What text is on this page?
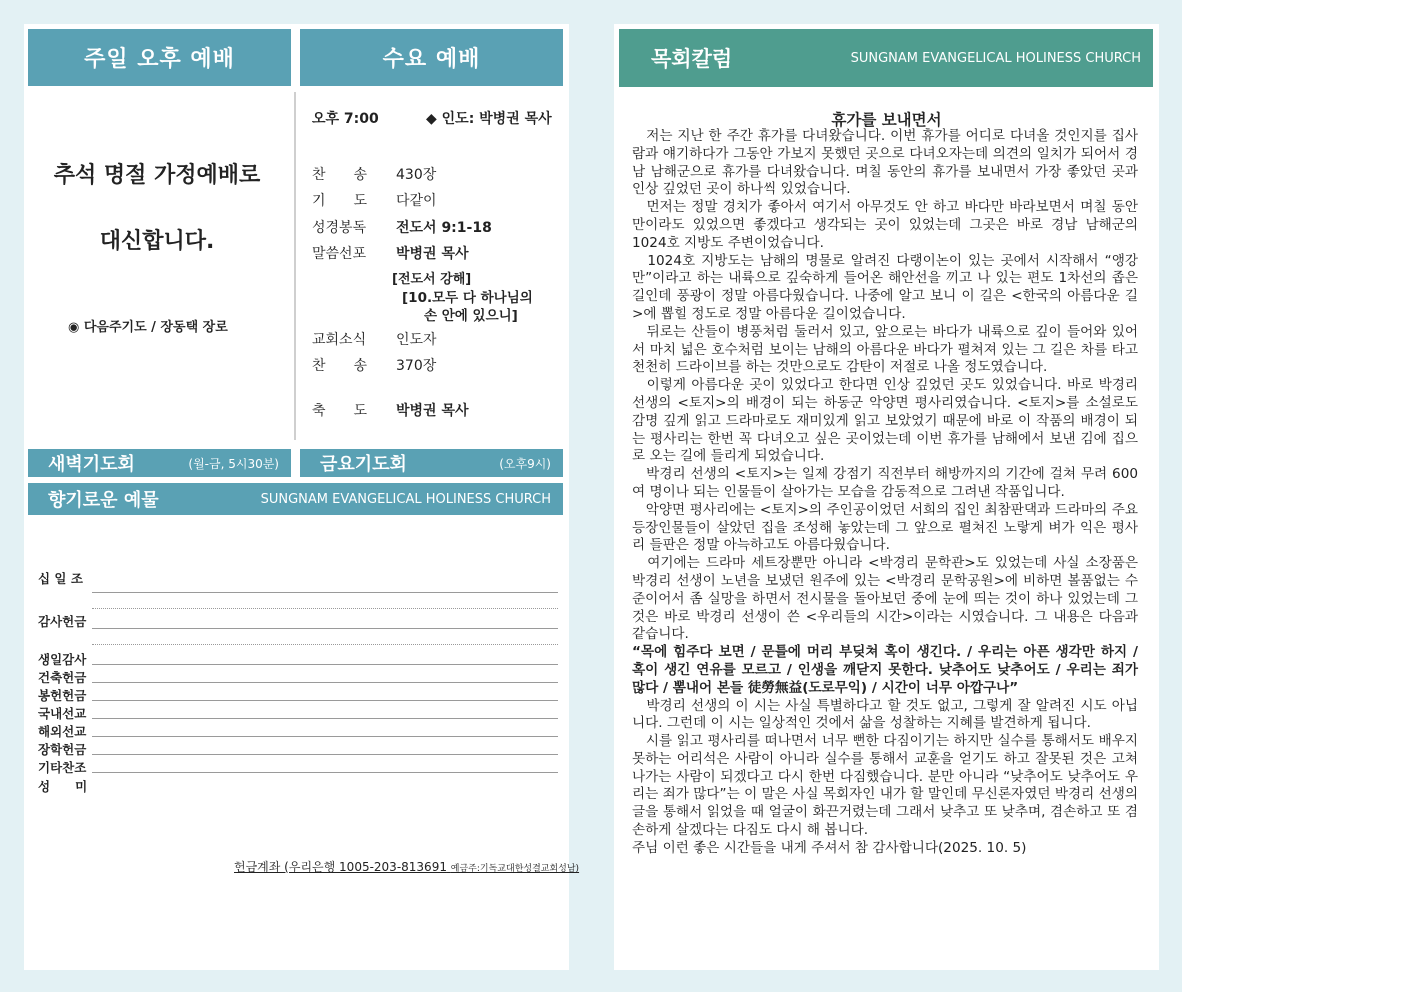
주일 오후 예배	수요 예배
추석 명절 가정예배로
대신합니다.
◉ 다음주기도 / 장동택 장로
오후 7:00	◆ 인도: 박병권 목사
찬　　송	430장
기　　도	다같이
성경봉독	전도서 9:1-18
말씀선포	박병권 목사
[전도서 강해]
[10.모두 다 하나님의
손 안에 있으니]
교회소식	인도자
찬　　송	370장
축　　도	박병권 목사
새벽기도회	(월-금, 5시30분)	금요기도회	(오후9시)
향기로운 예물	SUNGNAM EVANGELICAL HOLINESS CHURCH
십 일 조
감사헌금
생일감사
건축헌금
봉헌헌금
국내선교
해외선교
장학헌금
기타찬조
성　　미
헌금계좌 (우리은행 1005-203-813691 예금주:기독교대한성결교회성남)
목회칼럼	SUNGNAM EVANGELICAL HOLINESS CHURCH
휴가를 보내면서

　저는 지난 한 주간 휴가를 다녀왔습니다. 이번 휴가를 어디로 다녀올 것인지를 집사람과 얘기하다가 그동안 가보지 못했던 곳으로 다녀오자는데 의견의 일치가 되어서 경남 남해군으로 휴가를 다녀왔습니다. 며칠 동안의 휴가를 보내면서 가장 좋았던 곳과 인상 깊었던 곳이 하나씩 있었습니다.

　먼저는 정말 경치가 좋아서 여기서 아무것도 안 하고 바다만 바라보면서 며칠 동안만이라도 있었으면 좋겠다고 생각되는 곳이 있었는데 그곳은 바로 경남 남해군의 1024호 지방도 주변이었습니다.

　1024호 지방도는 남해의 명물로 알려진 다랭이논이 있는 곳에서 시작해서 “앵강만”이라고 하는 내륙으로 깊숙하게 들어온 해안선을 끼고 나 있는 편도 1차선의 좁은 길인데 풍광이 정말 아름다웠습니다. 나중에 알고 보니 이 길은 <한국의 아름다운 길>에 뽑힐 정도로 정말 아름다운 길이었습니다.

　뒤로는 산들이 병풍처럼 둘러서 있고, 앞으로는 바다가 내륙으로 깊이 들어와 있어서 마치 넓은 호수처럼 보이는 남해의 아름다운 바다가 펼쳐져 있는 그 길은 차를 타고 천천히 드라이브를 하는 것만으로도 감탄이 저절로 나올 정도였습니다.

　이렇게 아름다운 곳이 있었다고 한다면 인상 깊었던 곳도 있었습니다. 바로 박경리 선생의 <토지>의 배경이 되는 하동군 악양면 평사리였습니다. <토지>를 소설로도 감명 깊게 읽고 드라마로도 재미있게 읽고 보았었기 때문에 바로 이 작품의 배경이 되는 평사리는 한번 꼭 다녀오고 싶은 곳이었는데 이번 휴가를 남해에서 보낸 김에 집으로 오는 길에 들리게 되었습니다.

　박경리 선생의 <토지>는 일제 강점기 직전부터 해방까지의 기간에 걸쳐 무려 600여 명이나 되는 인물들이 살아가는 모습을 감동적으로 그려낸 작품입니다.

　악양면 평사리에는 <토지>의 주인공이었던 서희의 집인 최참판댁과 드라마의 주요 등장인물들이 살았던 집을 조성해 놓았는데 그 앞으로 펼쳐진 노랗게 벼가 익은 평사리 들판은 정말 아늑하고도 아름다웠습니다.

　여기에는 드라마 세트장뿐만 아니라 <박경리 문학관>도 있었는데 사실 소장품은 박경리 선생이 노년을 보냈던 원주에 있는 <박경리 문학공원>에 비하면 볼품없는 수준이어서 좀 실망을 하면서 전시물을 돌아보던 중에 눈에 띄는 것이 하나 있었는데 그것은 바로 박경리 선생이 쓴 <우리들의 시간>이라는 시였습니다. 그 내용은 다음과 같습니다.

“목에 힘주다 보면 / 문틀에 머리 부딪쳐 혹이 생긴다. / 우리는 아픈 생각만 하지 / 혹이 생긴 연유를 모르고 / 인생을 깨닫지 못한다. 낮추어도 낮추어도 / 우리는 죄가 많다 / 뽐내어 본들 徒勞無益(도로무익) / 시간이 너무 아깝구나”

　박경리 선생의 이 시는 사실 특별하다고 할 것도 없고, 그렇게 잘 알려진 시도 아닙니다. 그런데 이 시는 일상적인 것에서 삶을 성찰하는 지혜를 발견하게 됩니다.

　시를 읽고 평사리를 떠나면서 너무 뻔한 다짐이기는 하지만 실수를 통해서도 배우지 못하는 어리석은 사람이 아니라 실수를 통해서 교훈을 얻기도 하고 잘못된 것은 고쳐 나가는 사람이 되겠다고 다시 한번 다짐했습니다. 분만 아니라 “낮추어도 낮추어도 우리는 죄가 많다”는 이 말은 사실 목회자인 내가 할 말인데 무신론자였던 박경리 선생의 글을 통해서 읽었을 때 얼굴이 화끈거렸는데 그래서 낮추고 또 낮추며, 겸손하고 또 겸손하게 살겠다는 다짐도 다시 해 봅니다.

주님 이런 좋은 시간들을 내게 주셔서 참 감사합니다(2025. 10. 5)
